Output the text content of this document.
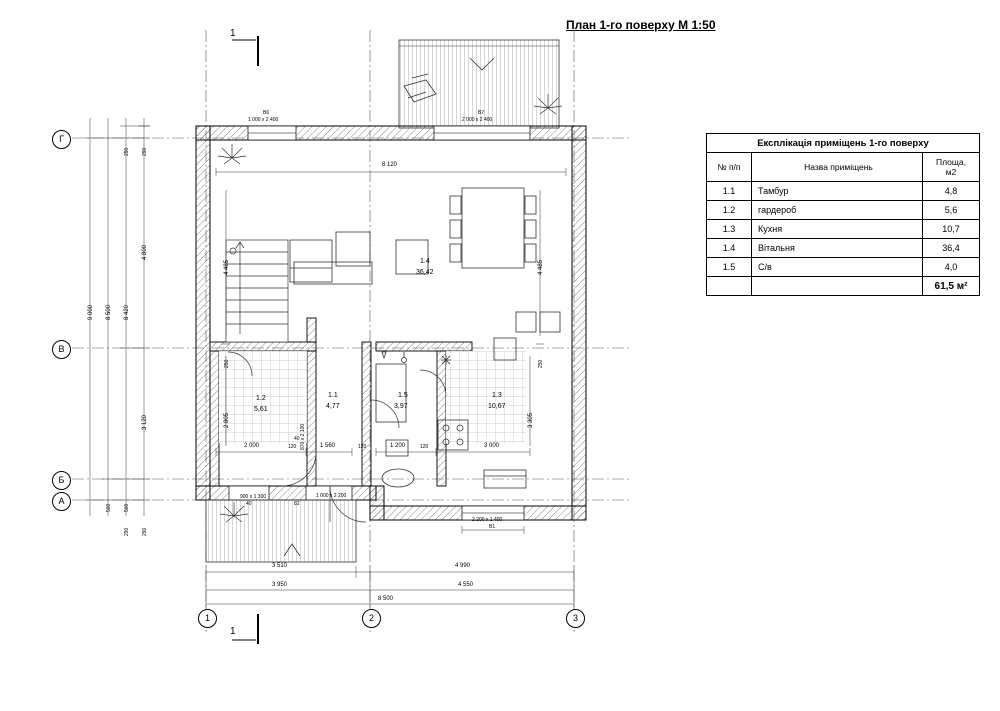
План 1-го поверху М 1:50
Г
В
Б
А
1	2	3
1
1
1.2
5,61
1.1
4,77
1.5
3,97
1.3
10,67
1.4
36,42
9 000 8 500 8 420
4 800
3 120
500 500
290 290
290 290
4 485	4 485
2 805	3 305
250	250
8 120
3 510	4 990
3 950	4 550
8 500
2 000	120	1 560	120	1 200	120	3 000
В6
1 000 х 2 400
В7
2 000 х 2 400
2 200 х 1 400
В1
1 000 х 2 200
900 х 1 300
870 х 2 100
40
40	82
Експлікація приміщень 1-го поверху		
№ п/п	Назва приміщень	Площа,
м2
1.1	Тамбур	4,8
1.2	гардероб	5,6
1.3	Кухня	10,7
1.4	Вітальня	36,4
1.5	С/в	4,0
		61,5 м²
